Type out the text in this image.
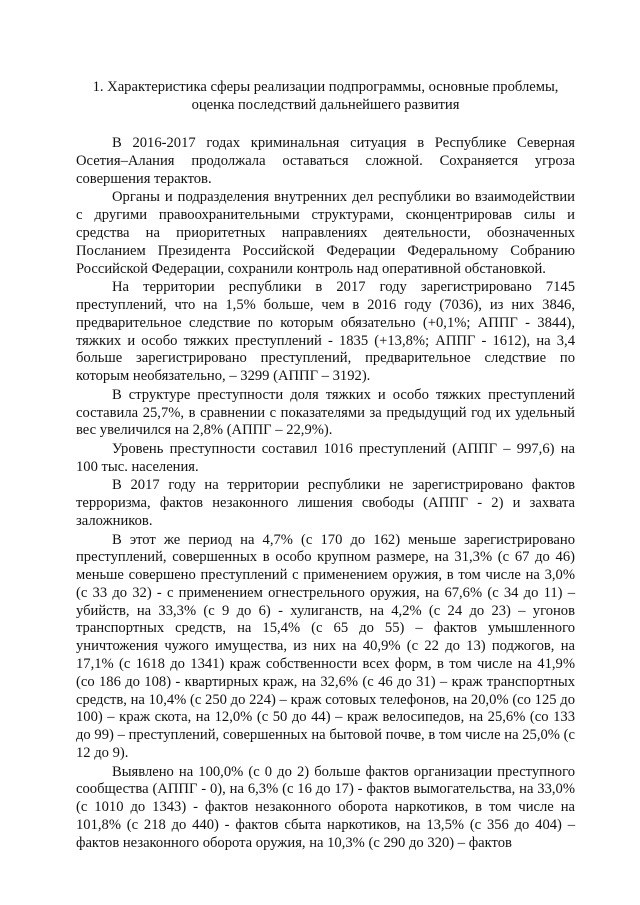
1. Характеристика сферы реализации подпрограммы, основные проблемы,
оценка последствий дальнейшего развития

В 2016-2017 годах криминальная ситуация в Республике Северная Осетия–Алания продолжала оставаться сложной. Сохраняется угроза совершения терактов.

Органы и подразделения внутренних дел республики во взаимодействии с другими правоохранительными структурами, сконцентрировав силы и средства на приоритетных направлениях деятельности, обозначенных Посланием Президента Российской Федерации Федеральному Собранию Российской Федерации, сохранили контроль над оперативной обстановкой.

На территории республики в 2017 году зарегистрировано 7145 преступлений, что на 1,5% больше, чем в 2016 году (7036), из них 3846, предварительное следствие по которым обязательно (+0,1%; АППГ - 3844), тяжких и особо тяжких преступлений - 1835 (+13,8%; АППГ - 1612), на 3,4 больше зарегистрировано преступлений, предварительное следствие по которым необязательно, – 3299 (АППГ – 3192).

В структуре преступности доля тяжких и особо тяжких преступлений составила 25,7%, в сравнении с показателями за предыдущий год их удельный вес увеличился на 2,8% (АППГ – 22,9%).

Уровень преступности составил 1016 преступлений (АППГ – 997,6) на 100 тыс. населения.

В 2017 году на территории республики не зарегистрировано фактов терроризма, фактов незаконного лишения свободы (АППГ - 2) и захвата заложников.

В этот же период на 4,7% (с 170 до 162) меньше зарегистрировано преступлений, совершенных в особо крупном размере, на 31,3% (с 67 до 46) меньше совершено преступлений с применением оружия, в том числе на 3,0% (с 33 до 32) - с применением огнестрельного оружия, на 67,6% (с 34 до 11) – убийств, на 33,3% (с 9 до 6) - хулиганств, на 4,2% (с 24 до 23) – угонов транспортных средств, на 15,4% (с 65 до 55) – фактов умышленного уничтожения чужого имущества, из них на 40,9% (с 22 до 13) поджогов, на 17,1% (с 1618 до 1341) краж собственности всех форм, в том числе на 41,9% (со 186 до 108) - квартирных краж, на 32,6% (с 46 до 31) – краж транспортных средств, на 10,4% (с 250 до 224) – краж сотовых телефонов, на 20,0% (со 125 до 100) – краж скота, на 12,0% (с 50 до 44) – краж велосипедов, на 25,6% (со 133 до 99) – преступлений, совершенных на бытовой почве, в том числе на 25,0% (с 12 до 9).

Выявлено на 100,0% (с 0 до 2) больше фактов организации преступного сообщества (АППГ - 0), на 6,3% (с 16 до 17) - фактов вымогательства, на 33,0% (с 1010 до 1343) - фактов незаконного оборота наркотиков, в том числе на 101,8% (с 218 до 440) - фактов сбыта наркотиков, на 13,5% (с 356 до 404) – фактов незаконного оборота оружия, на 10,3% (с 290 до 320) – фактов
